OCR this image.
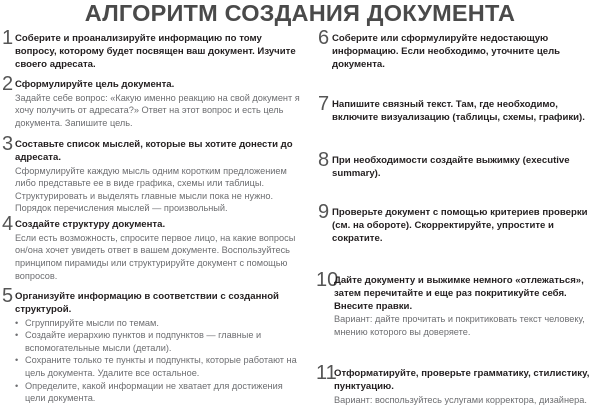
АЛГОРИТМ СОЗДАНИЯ ДОКУМЕНТА
1 Соберите и проанализируйте информацию по тому вопросу, которому будет посвящен ваш документ. Изучите своего адресата.
2 Сформулируйте цель документа.
Задайте себе вопрос: «Какую именно реакцию на свой документ я хочу получить от адресата?» Ответ на этот вопрос и есть цель документа. Запишите цель.
3 Составьте список мыслей, которые вы хотите донести до адресата.
Сформулируйте каждую мысль одним коротким предложением либо представьте ее в виде графика, схемы или таблицы. Структурировать и выделять главные мысли пока не нужно. Порядок перечисления мыслей — произвольный.
4 Создайте структуру документа.
Если есть возможность, спросите первое лицо, на какие вопросы он/она хочет увидеть ответ в вашем документе. Воспользуйтесь принципом пирамиды или структурируйте документ с помощью вопросов.
5 Организуйте информацию в соответствии с созданной структурой.
• Сгруппируйте мысли по темам.
• Создайте иерархию пунктов и подпунктов — главные и вспомогательные мысли (детали).
• Сохраните только те пункты и подпункты, которые работают на цель документа. Удалите все остальное.
• Определите, какой информации не хватает для достижения цели документа.
6 Соберите или сформулируйте недостающую информацию. Если необходимо, уточните цель документа.
7 Напишите связный текст. Там, где необходимо, включите визуализацию (таблицы, схемы, графики).
8 При необходимости создайте выжимку (executive summary).
9 Проверьте документ с помощью критериев проверки (см. на обороте). Скорректируйте, упростите и сократите.
10
Дайте документу и выжимке немного «отлежаться», затем перечитайте и еще раз покритикуйте себя. Внесите правки.
Вариант: дайте прочитать и покритиковать текст человеку, мнению которого вы доверяете.
11
Отформатируйте, проверьте грамматику, стилистику, пунктуацию.
Вариант: воспользуйтесь услугами корректора, дизайнера.
